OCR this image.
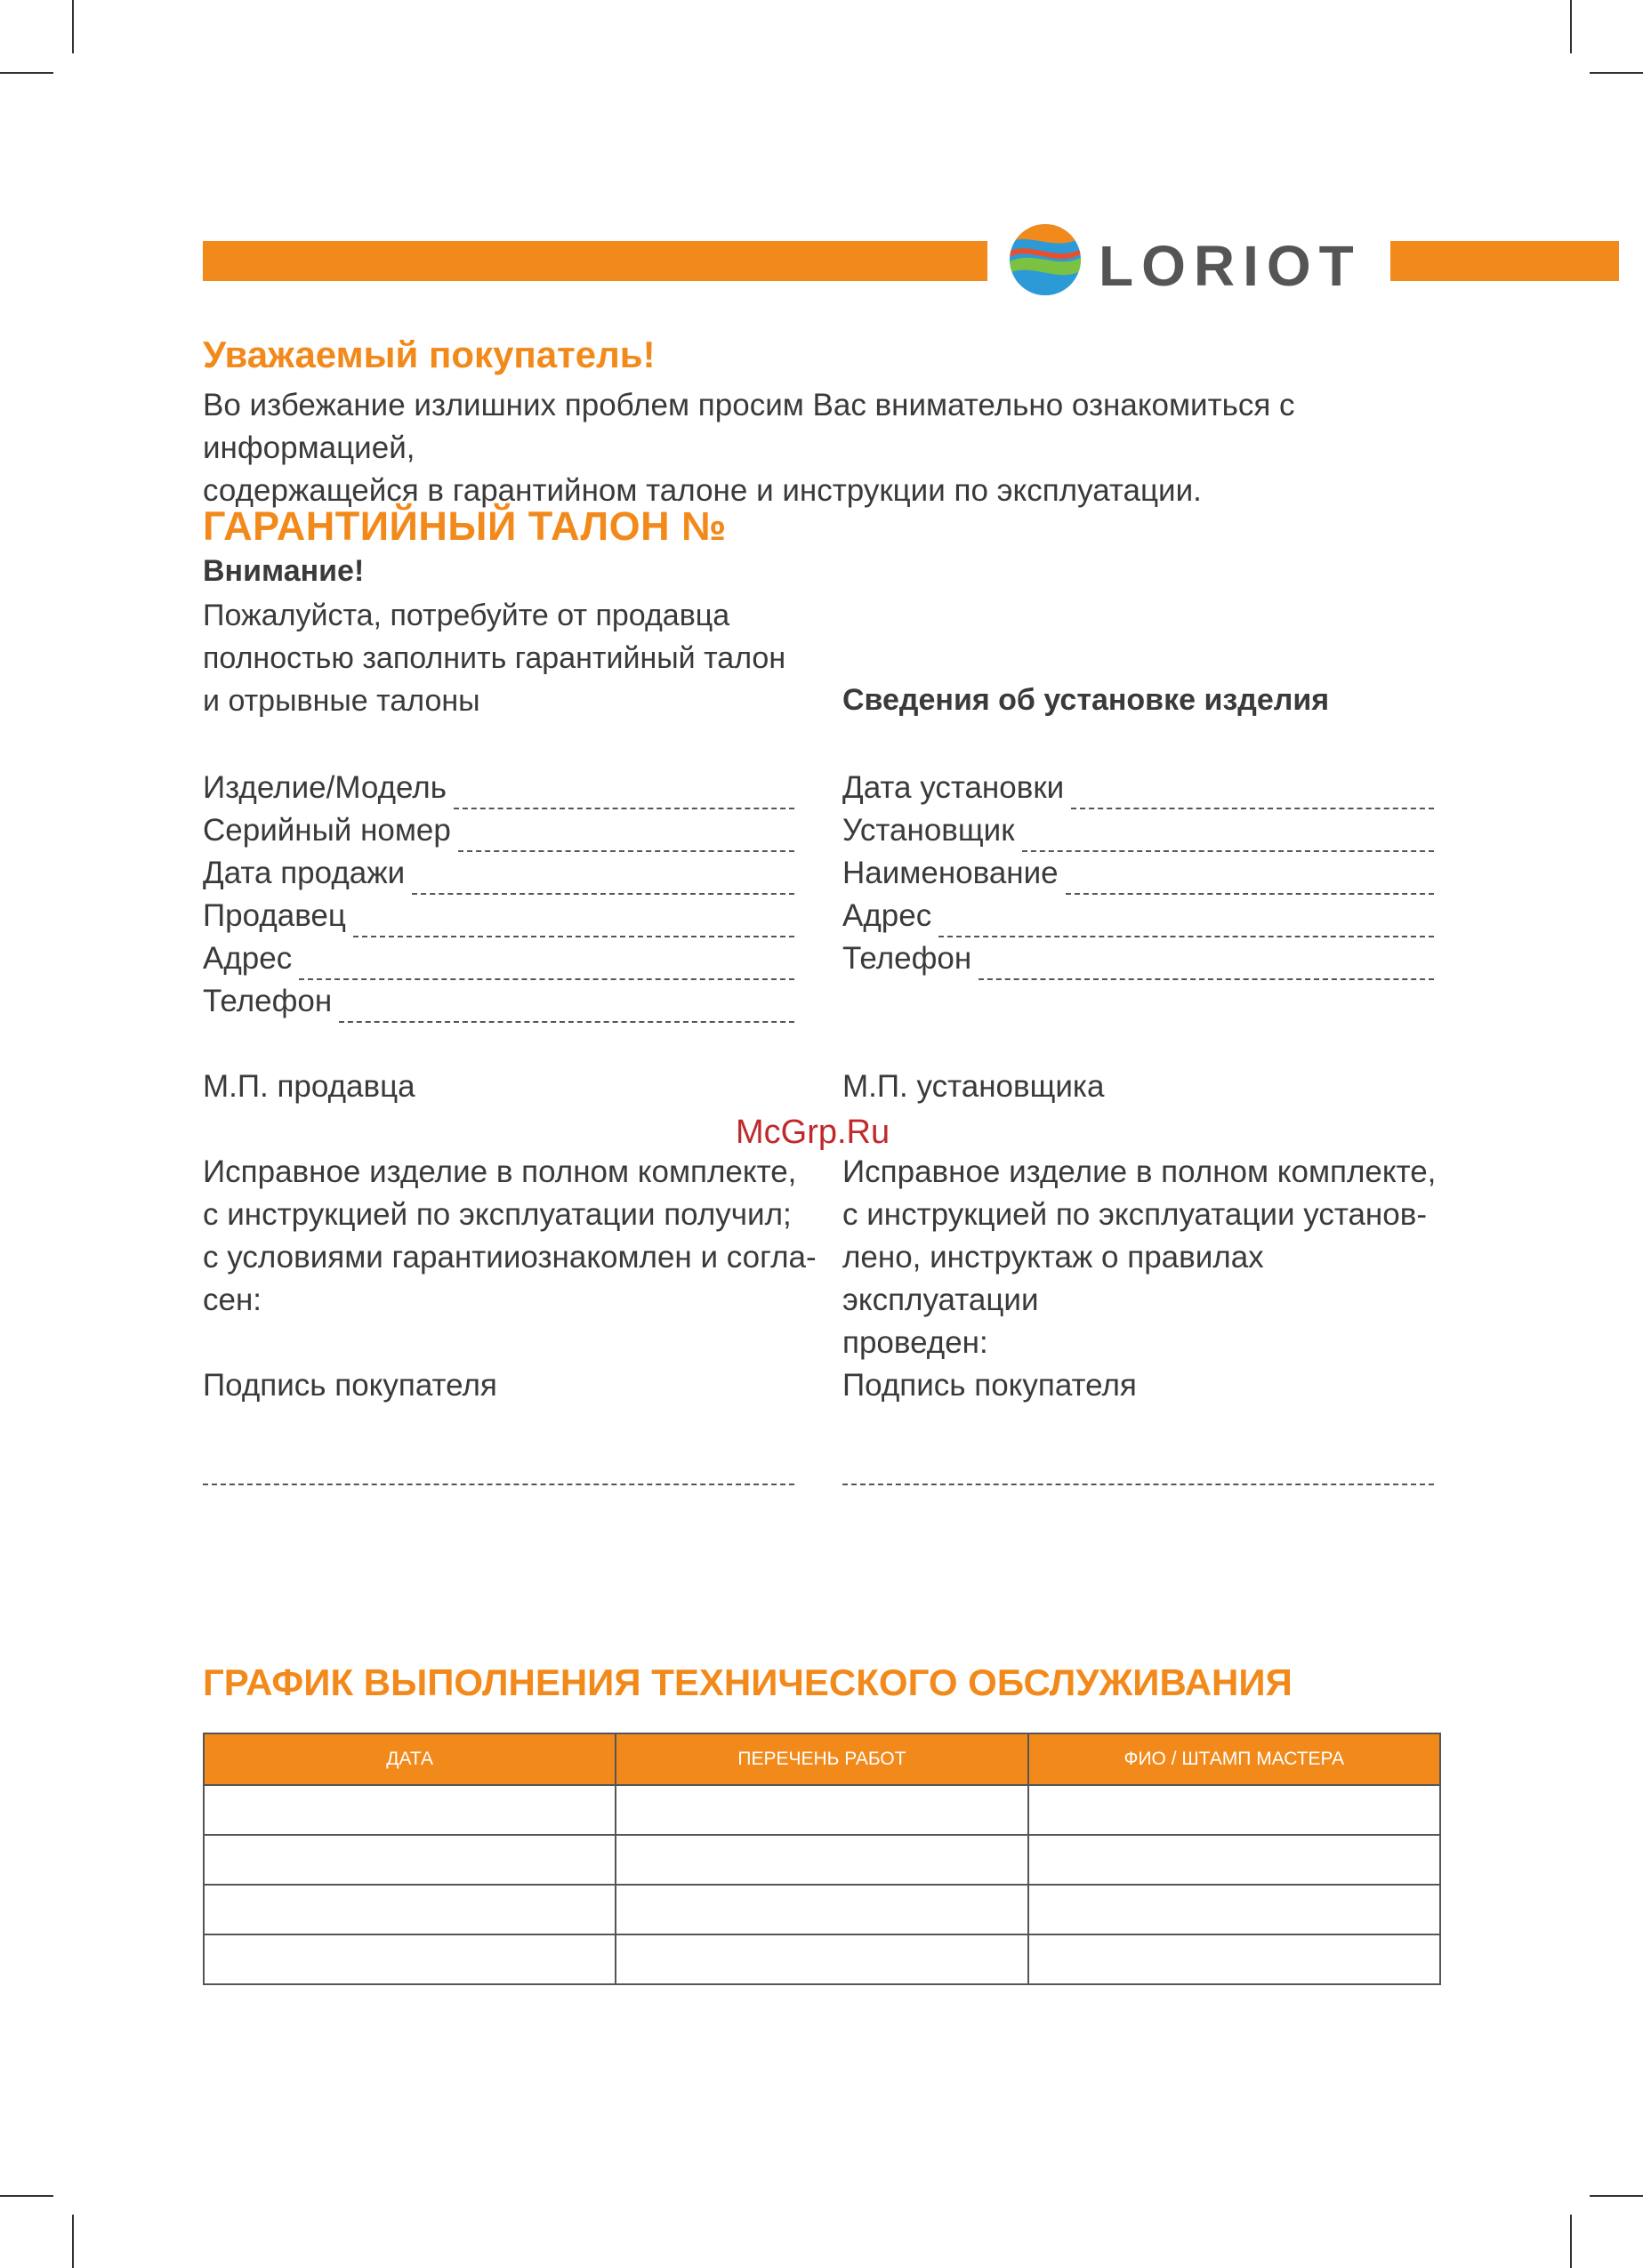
LORIOT
Уважаемый покупатель!
Во избежание излишних проблем просим Вас внимательно ознакомиться с информацией,
содержащейся в гарантийном талоне и инструкции по эксплуатации.
ГАРАНТИЙНЫЙ ТАЛОН №
Внимание!
Пожалуйста, потребуйте от продавца
полностью заполнить гарантийный талон
и отрывные талоны	Сведения об установке изделия
Изделие/Модель
Серийный номер
Дата продажи
Продавец
Адрес
Телефон
Дата установки
Установщик
Наименование
Адрес
Телефон
М.П. продавца	М.П. установщика
McGrp.Ru
Исправное изделие в полном комплекте,
с инструкцией по эксплуатации получил;
с условиями гарантииознакомлен и согла-
сен:
Исправное изделие в полном комплекте,
с инструкцией по эксплуатации установ-
лено, инструктаж о правилах эксплуатации
проведен:
Подпись покупателя	Подпись покупателя
ГРАФИК ВЫПОЛНЕНИЯ ТЕХНИЧЕСКОГО ОБСЛУЖИВАНИЯ
ДАТА	ПЕРЕЧЕНЬ РАБОТ	ФИО / ШТАМП МАСТЕРА
